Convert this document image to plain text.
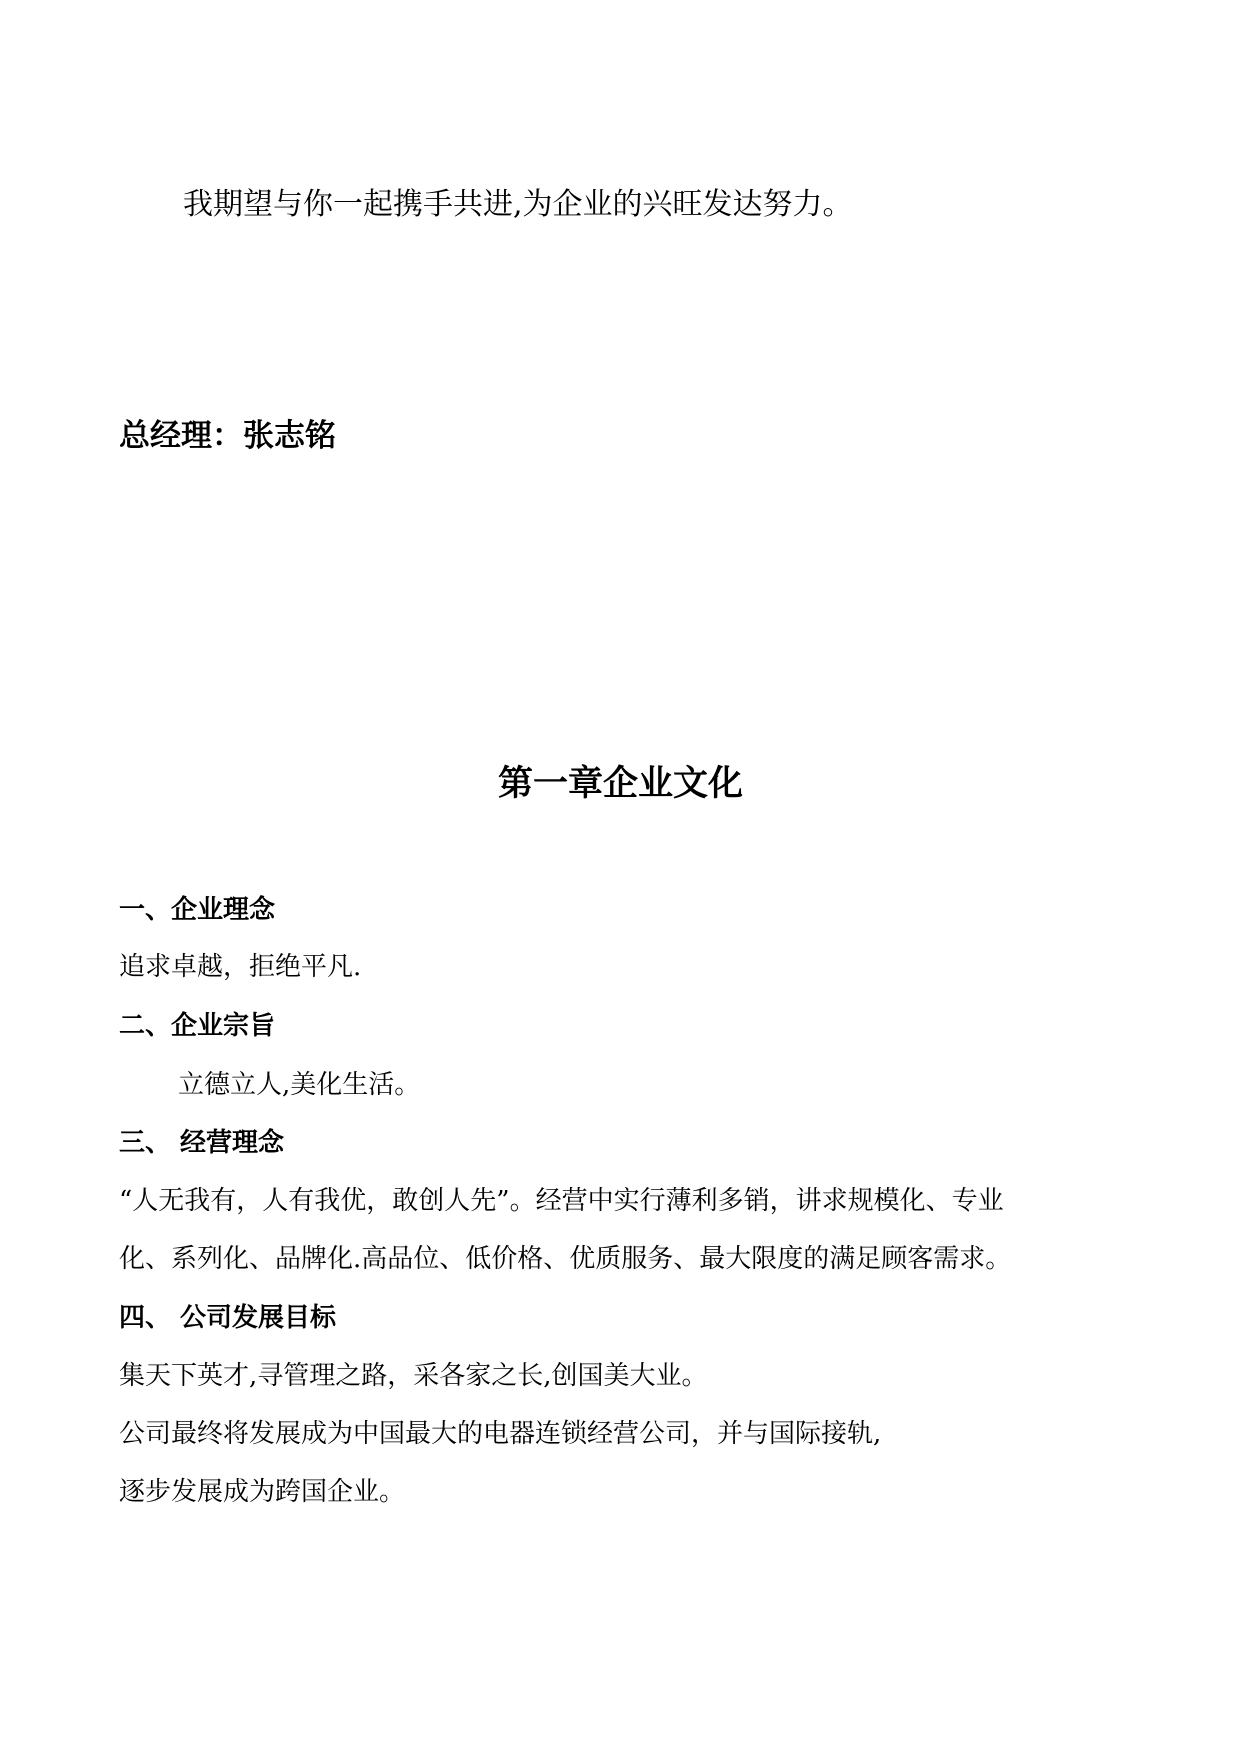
我期望与你一起携手共进,为企业的兴旺发达努力。
总经理：张志铭
第一章企业文化
一、企业理念
追求卓越，拒绝平凡.
二、企业宗旨
立德立人,美化生活。
三、 经营理念
“人无我有，人有我优，敢创人先”。经营中实行薄利多销，讲求规模化、专业
化、系列化、品牌化.高品位、低价格、优质服务、最大限度的满足顾客需求。
四、 公司发展目标
集天下英才,寻管理之路，采各家之长,创国美大业。
公司最终将发展成为中国最大的电器连锁经营公司，并与国际接轨,
逐步发展成为跨国企业。
